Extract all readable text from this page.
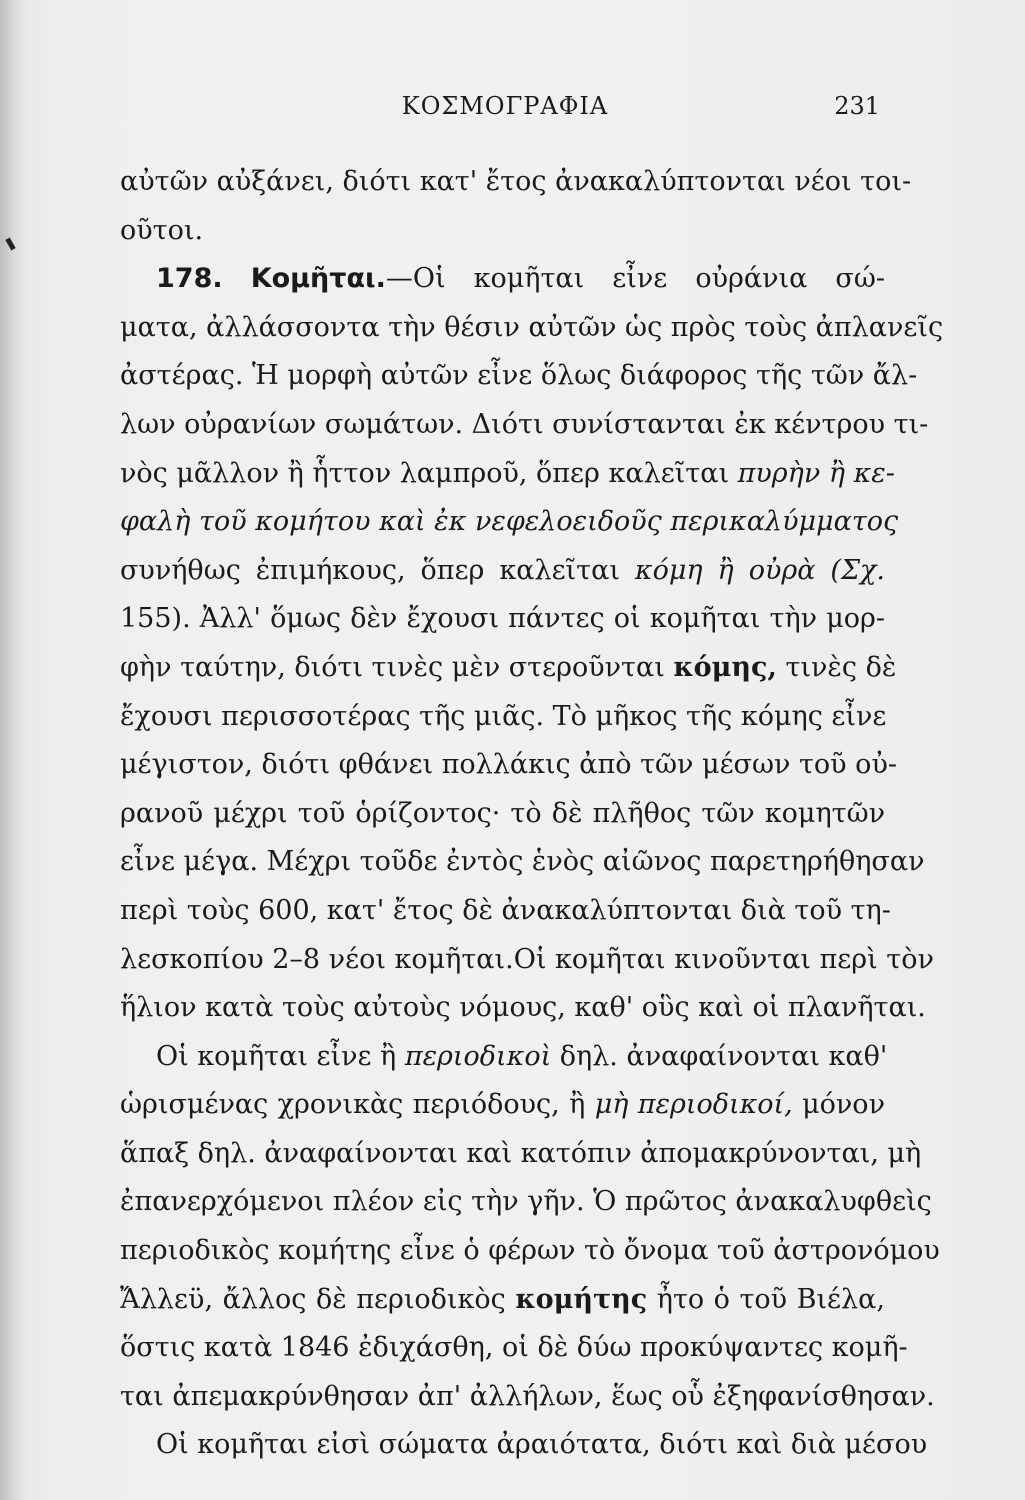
ΚΟΣΜΟΓΡΑΦΙΑ	231
αὐτῶν αὐξάνει, διότι κατ' ἔτος ἀνακαλύπτονται νέοι τοι-
οῦτοι.
178. Κομῆται.—Οἱ κομῆται εἶνε οὐράνια σώ-
ματα, ἀλλάσσοντα τὴν θέσιν αὐτῶν ὡς πρὸς τοὺς ἀπλανεῖς
ἀστέρας. Ἡ μορφὴ αὐτῶν εἶνε ὅλως διάφορος τῆς τῶν ἄλ-
λων οὐρανίων σωμάτων. Διότι συνίστανται ἐκ κέντρου τι-
νὸς μᾶλλον ἢ ἧττον λαμπροῦ, ὅπερ καλεῖται πυρὴν ἢ κε-
φαλὴ τοῦ κομήτου καὶ ἐκ νεφελοειδοῦς περικαλύμματος
συνήθως ἐπιμήκους, ὅπερ καλεῖται κόμη ἢ οὐρὰ (Σχ.
155). Ἀλλ' ὅμως δὲν ἔχουσι πάντες οἱ κομῆται τὴν μορ-
φὴν ταύτην, διότι τινὲς μὲν στεροῦνται κόμης, τινὲς δὲ
ἔχουσι περισσοτέρας τῆς μιᾶς. Τὸ μῆκος τῆς κόμης εἶνε
μέγιστον, διότι φθάνει πολλάκις ἀπὸ τῶν μέσων τοῦ οὐ-
ρανοῦ μέχρι τοῦ ὁρίζοντος· τὸ δὲ πλῆθος τῶν κομητῶν
εἶνε μέγα. Μέχρι τοῦδε ἐντὸς ἑνὸς αἰῶνος παρετηρήθησαν
περὶ τοὺς 600, κατ' ἔτος δὲ ἀνακαλύπτονται διὰ τοῦ τη-
λεσκοπίου 2–8 νέοι κομῆται.Οἱ κομῆται κινοῦνται περὶ τὸν
ἥλιον κατὰ τοὺς αὐτοὺς νόμους, καθ' οὓς καὶ οἱ πλανῆται.
Οἱ κομῆται εἶνε ἢ περιοδικοὶ δηλ. ἀναφαίνονται καθ'
ὡρισμένας χρονικὰς περιόδους, ἢ μὴ περιοδικοί, μόνον
ἅπαξ δηλ. ἀναφαίνονται καὶ κατόπιν ἀπομακρύνονται, μὴ
ἐπανερχόμενοι πλέον εἰς τὴν γῆν. Ὁ πρῶτος ἀνακαλυφθεὶς
περιοδικὸς κομήτης εἶνε ὁ φέρων τὸ ὄνομα τοῦ ἀστρονόμου
Ἄλλεϋ, ἄλλος δὲ περιοδικὸς κομήτης ἦτο ὁ τοῦ Βιέλα,
ὅστις κατὰ 1846 ἐδιχάσθη, οἱ δὲ δύω προκύψαντες κομῆ-
ται ἀπεμακρύνθησαν ἀπ' ἀλλήλων, ἕως οὗ ἐξηφανίσθησαν.
Οἱ κομῆται εἰσὶ σώματα ἀραιότατα, διότι καὶ διὰ μέσου
